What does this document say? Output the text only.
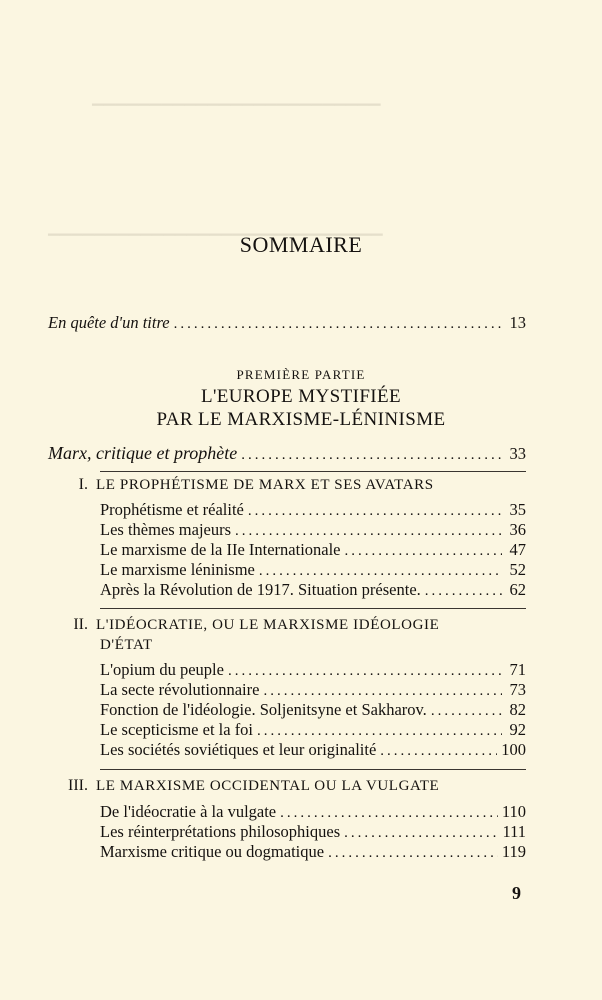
▁▁▁▁▁▁▁▁▁▁▁▁▁▁▁▁▁▁▁▁▁▁▁▁▁
▁▁▁▁▁▁▁▁▁▁▁▁▁▁▁▁▁▁▁▁▁▁▁▁▁▁▁▁▁
SOMMAIRE
En quête d'un titre .....	13
PREMIÈRE PARTIE
L'EUROPE MYSTIFIÉE
PAR LE MARXISME-LÉNINISME
Marx, critique et prophète .....	33
I. LE PROPHÉTISME DE MARX ET SES AVATARS
Prophétisme et réalité .....	35
Les thèmes majeurs .....	36
Le marxisme de la IIe Internationale .....	47
Le marxisme léninisme .....	52
Après la Révolution de 1917. Situation présente. .....	62
II. L'IDÉOCRATIE, OU LE MARXISME IDÉOLOGIE
D'ÉTAT
L'opium du peuple .....	71
La secte révolutionnaire .....	73
Fonction de l'idéologie. Soljenitsyne et Sakharov. .....	82
Le scepticisme et la foi .....	92
Les sociétés soviétiques et leur originalité .....	100
III. LE MARXISME OCCIDENTAL OU LA VULGATE
De l'idéocratie à la vulgate .....	110
Les réinterprétations philosophiques .....	111
Marxisme critique ou dogmatique .....	119
9
